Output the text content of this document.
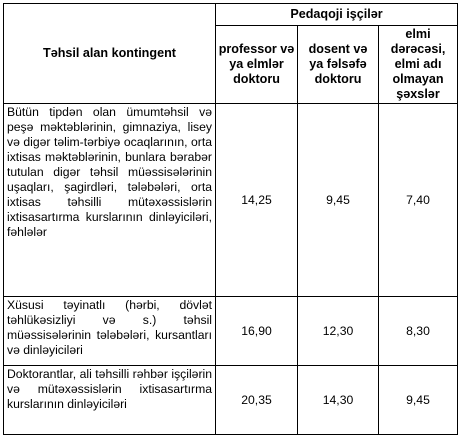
Təhsil alan kontingent	Pedaqoji işçilər		

	professor və ya elmlər doktoru	dosent və ya fəlsəfə doktoru	elmi dərəcəsi, elmi adı olmayan şəxslər

Bütün tipdən olan ümumtəhsil və peşə məktəblərinin, gimnaziya, lisey və digər təlim-tərbiyə ocaqlarının, orta ixtisas məktəblərinin, bunlara bərabər tutulan digər təhsil müəssisələrinin uşaqları, şagirdləri, tələbələri, orta ixtisas təhsilli mütəxəssislərin ixtisasartırma kurslarının dinləyiciləri, fəhlələr	14,25	9,45	7,40
Xüsusi təyinatlı (hərbi, dövlət təhlükəsizliyi və s.) təhsil müəssisələrinin tələbələri, kursantları və dinləyiciləri	16,90	12,30	8,30
Doktorantlar, ali təhsilli rəhbər işçilərin və mütəxəssislərin ixtisasartırma kurslarının dinləyiciləri	20,35	14,30	9,45
